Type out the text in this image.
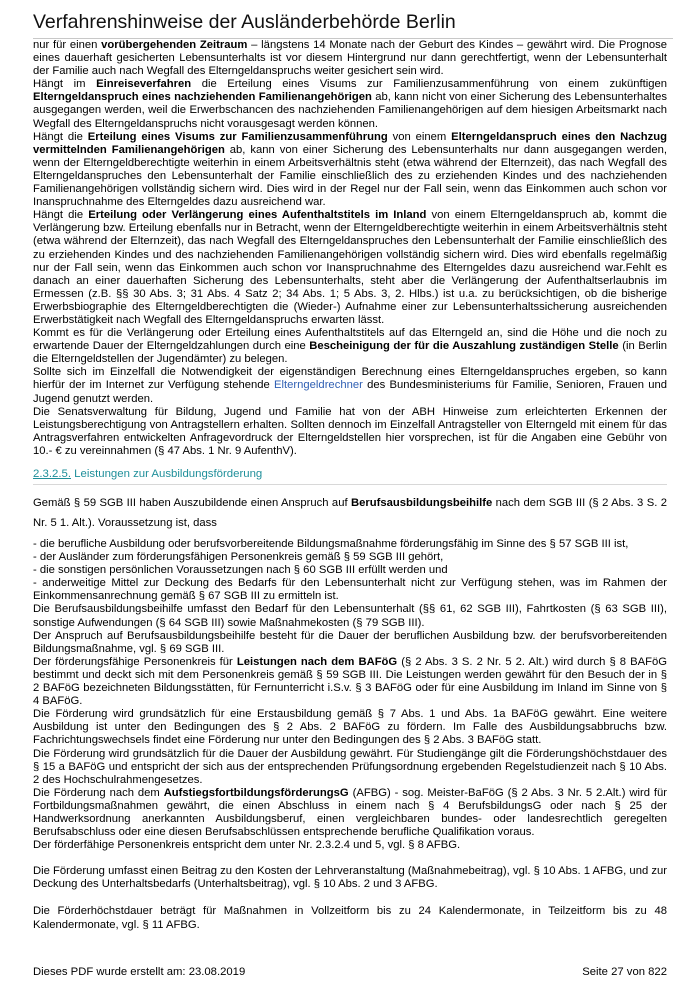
Verfahrenshinweise der Ausländerbehörde Berlin

nur für einen vorübergehenden Zeitraum – längstens 14 Monate nach der Geburt des Kindes – gewährt wird. Die Prognose eines dauerhaft gesicherten Lebensunterhalts ist vor diesem Hintergrund nur dann gerechtfertigt, wenn der Lebensunterhalt der Familie auch nach Wegfall des Elterngeldanspruchs weiter gesichert sein wird.

Hängt im Einreiseverfahren die Erteilung eines Visums zur Familienzusammenführung von einem zukünftigen Elterngeldanspruch eines nachziehenden Familienangehörigen ab, kann nicht von einer Sicherung des Lebensunterhaltes ausgegangen werden, weil die Erwerbschancen des nachziehenden Familienangehörigen auf dem hiesigen Arbeitsmarkt nach Wegfall des Elterngeldanspruchs nicht vorausgesagt werden können.

Hängt die Erteilung eines Visums zur Familienzusammenführung von einem Elterngeldanspruch eines den Nachzug vermittelnden Familienangehörigen ab, kann von einer Sicherung des Lebensunterhalts nur dann ausgegangen werden, wenn der Elterngeldberechtigte weiterhin in einem Arbeitsverhältnis steht (etwa während der Elternzeit), das nach Wegfall des Elterngeldanspruches den Lebensunterhalt der Familie einschließlich des zu erziehenden Kindes und des nachziehenden Familienangehörigen vollständig sichern wird. Dies wird in der Regel nur der Fall sein, wenn das Einkommen auch schon vor Inanspruchnahme des Elterngeldes dazu ausreichend war.

Hängt die Erteilung oder Verlängerung eines Aufenthaltstitels im Inland von einem Elterngeldanspruch ab, kommt die Verlängerung bzw. Erteilung ebenfalls nur in Betracht, wenn der Elterngeldberechtigte weiterhin in einem Arbeitsverhältnis steht (etwa während der Elternzeit), das nach Wegfall des Elterngeldanspruches den Lebensunterhalt der Familie einschließlich des zu erziehenden Kindes und des nachziehenden Familienangehörigen vollständig sichern wird. Dies wird ebenfalls regelmäßig nur der Fall sein, wenn das Einkommen auch schon vor Inanspruchnahme des Elterngeldes dazu ausreichend war.Fehlt es danach an einer dauerhaften Sicherung des Lebensunterhalts, steht aber die Verlängerung der Aufenthaltserlaubnis im Ermessen (z.B. §§ 30 Abs. 3; 31 Abs. 4 Satz 2; 34 Abs. 1; 5 Abs. 3, 2. Hlbs.) ist u.a. zu berücksichtigen, ob die bisherige Erwerbsbiographie des Elterngeldberechtigten die (Wieder-) Aufnahme einer zur Lebensunterhaltssicherung ausreichenden Erwerbstätigkeit nach Wegfall des Elterngeldanspruchs erwarten lässt.

Kommt es für die Verlängerung oder Erteilung eines Aufenthaltstitels auf das Elterngeld an, sind die Höhe und die noch zu erwartende Dauer der Elterngeldzahlungen durch eine Bescheinigung der für die Auszahlung zuständigen Stelle (in Berlin die Elterngeldstellen der Jugendämter) zu belegen.

Sollte sich im Einzelfall die Notwendigkeit der eigenständigen Berechnung eines Elterngeldanspruches ergeben, so kann hierfür der im Internet zur Verfügung stehende Elterngeldrechner des Bundesministeriums für Familie, Senioren, Frauen und Jugend genutzt werden.

Die Senatsverwaltung für Bildung, Jugend und Familie hat von der ABH Hinweise zum erleichterten Erkennen der Leistungsberechtigung von Antragstellern erhalten. Sollten dennoch im Einzelfall Antragsteller von Elterngeld mit einem für das Antragsverfahren entwickelten Anfragevordruck der Elterngeldstellen hier vorsprechen, ist für die Angaben eine Gebühr von 10.- € zu vereinnahmen (§ 47 Abs. 1 Nr. 9 AufenthV).

2.3.2.5. Leistungen zur Ausbildungsförderung

Gemäß § 59 SGB III haben Auszubildende einen Anspruch auf Berufsausbildungsbeihilfe nach dem SGB III (§ 2 Abs. 3 S. 2 Nr. 5 1. Alt.). Voraussetzung ist, dass

- die berufliche Ausbildung oder berufsvorbereitende Bildungsmaßnahme förderungsfähig im Sinne des § 57 SGB III ist,

- der Ausländer zum förderungsfähigen Personenkreis gemäß § 59 SGB III gehört,

- die sonstigen persönlichen Voraussetzungen nach § 60 SGB III erfüllt werden und

- anderweitige Mittel zur Deckung des Bedarfs für den Lebensunterhalt nicht zur Verfügung stehen, was im Rahmen der Einkommensanrechnung gemäß § 67 SGB III zu ermitteln ist.

Die Berufsausbildungsbeihilfe umfasst den Bedarf für den Lebensunterhalt (§§ 61, 62 SGB III), Fahrtkosten (§ 63 SGB III), sonstige Aufwendungen (§ 64 SGB III) sowie Maßnahmekosten (§ 79 SGB III).

Der Anspruch auf Berufsausbildungsbeihilfe besteht für die Dauer der beruflichen Ausbildung bzw. der berufsvorbereitenden Bildungsmaßnahme, vgl. § 69 SGB III.

Der förderungsfähige Personenkreis für Leistungen nach dem BAFöG (§ 2 Abs. 3 S. 2 Nr. 5 2. Alt.) wird durch § 8 BAFöG bestimmt und deckt sich mit dem Personenkreis gemäß § 59 SGB III. Die Leistungen werden gewährt für den Besuch der in § 2 BAFöG bezeichneten Bildungsstätten, für Fernunterricht i.S.v. § 3 BAFöG oder für eine Ausbildung im Inland im Sinne von § 4 BAFöG.

Die Förderung wird grundsätzlich für eine Erstausbildung gemäß § 7 Abs. 1 und Abs. 1a BAFöG gewährt. Eine weitere Ausbildung ist unter den Bedingungen des § 2 Abs. 2 BAFöG zu fördern. Im Falle des Ausbildungsabbruchs bzw. Fachrichtungswechsels findet eine Förderung nur unter den Bedingungen des § 2 Abs. 3 BAFöG statt.

Die Förderung wird grundsätzlich für die Dauer der Ausbildung gewährt. Für Studiengänge gilt die Förderungshöchstdauer des § 15 a BAFöG und entspricht der sich aus der entsprechenden Prüfungsordnung ergebenden Regelstudienzeit nach § 10 Abs. 2 des Hochschulrahmengesetzes.

Die Förderung nach dem AufstiegsfortbildungsförderungsG (AFBG) - sog. Meister-BaFöG (§ 2 Abs. 3 Nr. 5 2.Alt.) wird für Fortbildungsmaßnahmen gewährt, die einen Abschluss in einem nach § 4 BerufsbildungsG oder nach § 25 der Handwerksordnung anerkannten Ausbildungsberuf, einen vergleichbaren bundes- oder landesrechtlich geregelten Berufsabschluss oder eine diesen Berufsabschlüssen entsprechende berufliche Qualifikation voraus.

Der förderfähige Personenkreis entspricht dem unter Nr. 2.3.2.4 und 5, vgl. § 8 AFBG.

Die Förderung umfasst einen Beitrag zu den Kosten der Lehrveranstaltung (Maßnahmebeitrag), vgl. § 10 Abs. 1 AFBG, und zur Deckung des Unterhaltsbedarfs (Unterhaltsbeitrag), vgl. § 10 Abs. 2 und 3 AFBG.

Die Förderhöchstdauer beträgt für Maßnahmen in Vollzeitform bis zu 24 Kalendermonate, in Teilzeitform bis zu 48 Kalendermonate, vgl. § 11 AFBG.

Dieses PDF wurde erstellt am: 23.08.2019	Seite 27 von 822
